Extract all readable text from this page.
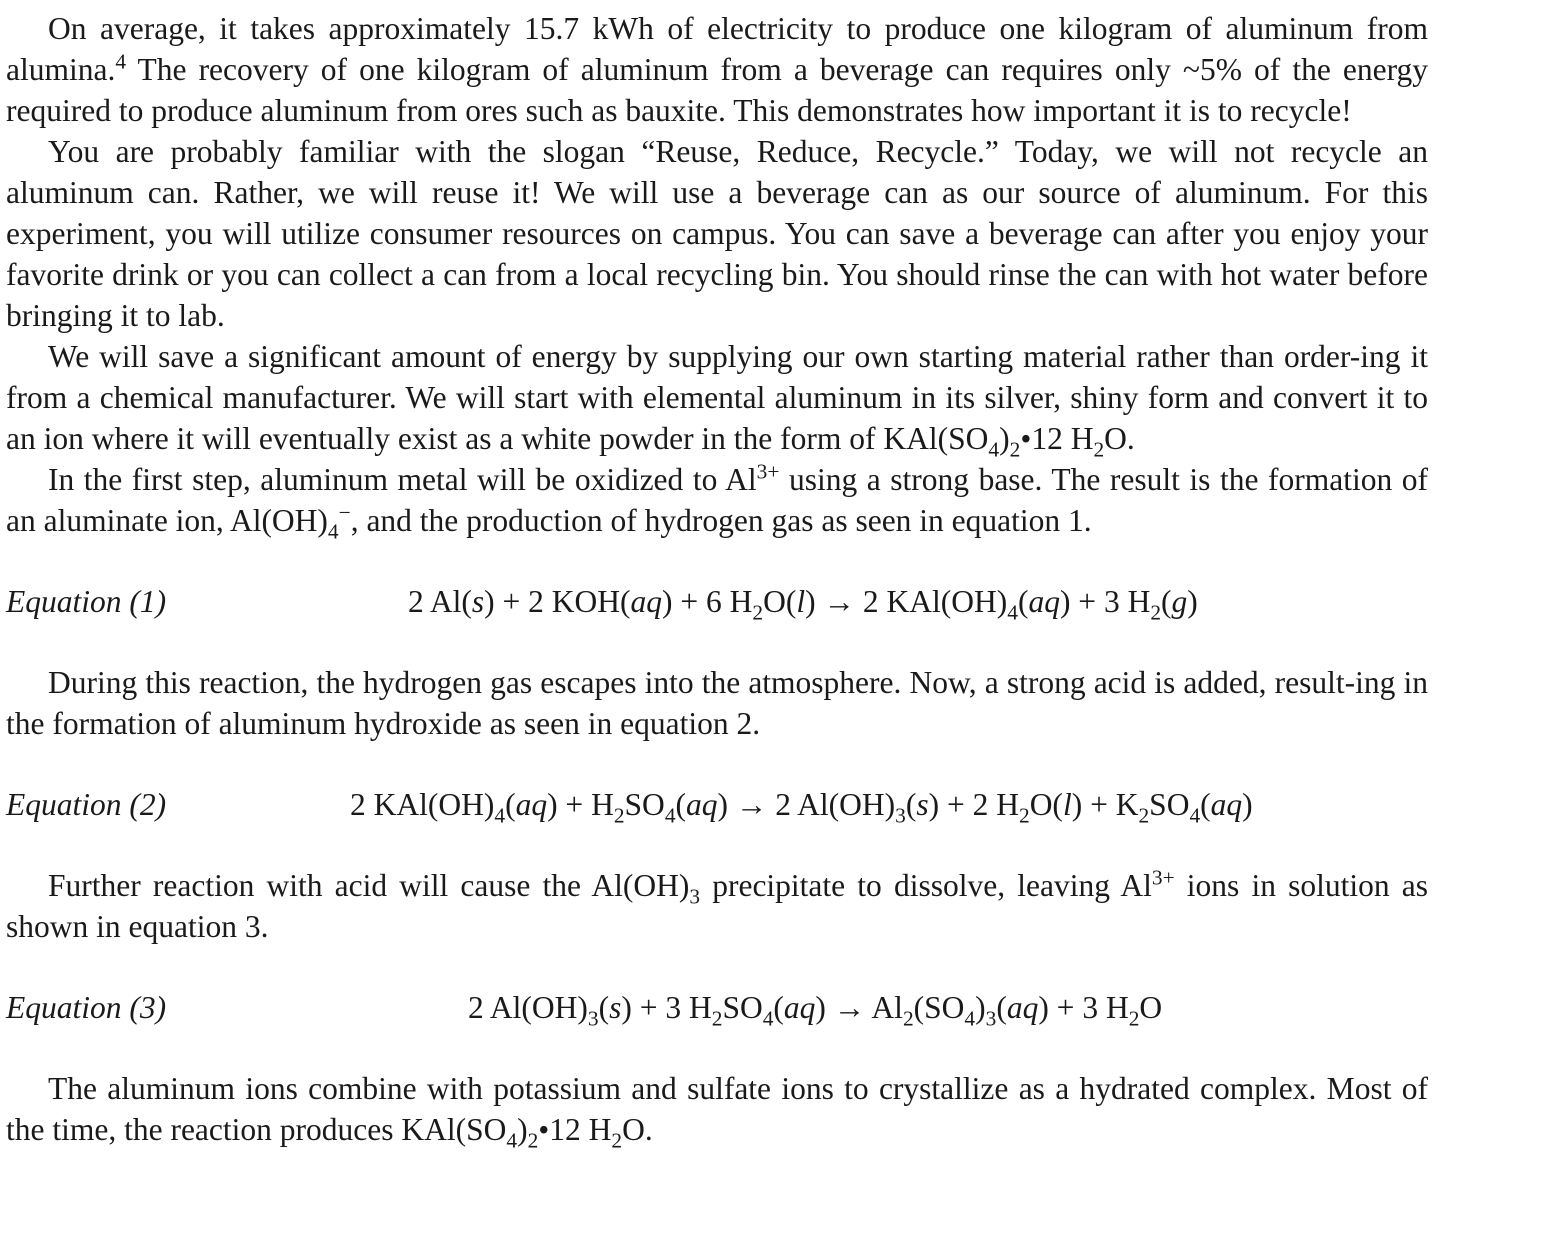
On average, it takes approximately 15.7 kWh of electricity to produce one kilogram of aluminum from alumina.$^4$ The recovery of one kilogram of aluminum from a beverage can requires only ~5% of the energy required to produce aluminum from ores such as bauxite. This demonstrates how important it is to recycle!

You are probably familiar with the slogan “Reuse, Reduce, Recycle.” Today, we will not recycle an aluminum can. Rather, we will reuse it! We will use a beverage can as our source of aluminum. For this experiment, you will utilize consumer resources on campus. You can save a beverage can after you enjoy your favorite drink or you can collect a can from a local recycling bin. You should rinse the can with hot water before bringing it to lab.

We will save a significant amount of energy by supplying our own starting material rather than order-ing it from a chemical manufacturer. We will start with elemental aluminum in its silver, shiny form and convert it to an ion where it will eventually exist as a white powder in the form of $KAl(SO_4)_2•12$ $H_2O$.

In the first step, aluminum metal will be oxidized to $Al^{3+}$ using a strong base. The result is the formation of an aluminate ion, $Al(OH)_4^-$, and the production of hydrogen gas as seen in equation 1.

Equation (1)	2 Al(s) + 2 KOH(aq) + 6 $H_2O(l) \to 2$ $KAl(OH)_4(aq) + 3$ $H_2(g)$

During this reaction, the hydrogen gas escapes into the atmosphere. Now, a strong acid is added, result-ing in the formation of aluminum hydroxide as seen in equation 2.

Equation (2)	2 $KAl(OH)_4(aq) + H_2SO_4(aq) \to 2$ $Al(OH)_3(s) + 2$ $H_2O(l) + K_2SO_4(aq)$

Further reaction with acid will cause the $Al(OH)_3$ precipitate to dissolve, leaving $Al^{3+}$ ions in solution as shown in equation 3.

Equation (3)	2 $Al(OH)_3(s) + 3$ $H_2SO_4(aq) \to Al_2(SO_4)_3(aq) + 3$ $H_2O$

The aluminum ions combine with potassium and sulfate ions to crystallize as a hydrated complex. Most of the time, the reaction produces $KAl(SO_4)_2•12$ $H_2O$.
